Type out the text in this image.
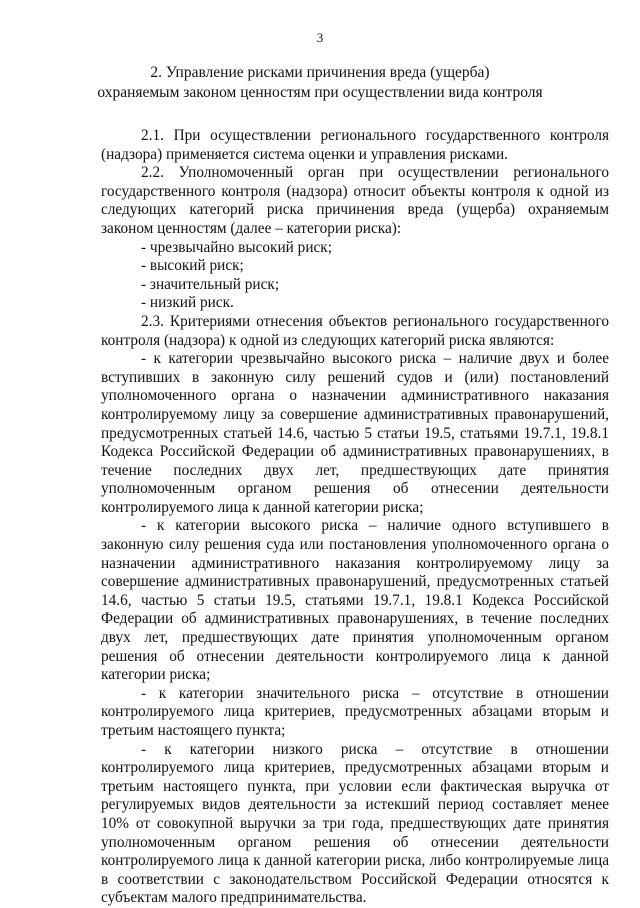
3
2. Управление рисками причинения вреда (ущерба)
охраняемым законом ценностям при осуществлении вида контроля

2.1. При осуществлении регионального государственного контроля (надзора) применяется система оценки и управления рисками.

2.2. Уполномоченный орган при осуществлении регионального государственного контроля (надзора) относит объекты контроля к одной из следующих категорий риска причинения вреда (ущерба) охраняемым законом ценностям (далее – категории риска):

- чрезвычайно высокий риск;

- высокий риск;

- значительный риск;

- низкий риск.

2.3. Критериями отнесения объектов регионального государственного контроля (надзора) к одной из следующих категорий риска являются:

- к категории чрезвычайно высокого риска – наличие двух и более вступивших в законную силу решений судов и (или) постановлений уполномоченного органа о назначении административного наказания контролируемому лицу за совершение административных правонарушений, предусмотренных статьей 14.6, частью 5 статьи 19.5, статьями 19.7.1, 19.8.1 Кодекса Российской Федерации об административных правонарушениях, в течение последних двух лет, предшествующих дате принятия уполномоченным органом решения об отнесении деятельности контролируемого лица к данной категории риска;

- к категории высокого риска – наличие одного вступившего в законную силу решения суда или постановления уполномоченного органа о назначении административного наказания контролируемому лицу за совершение административных правонарушений, предусмотренных статьей 14.6, частью 5 статьи 19.5, статьями 19.7.1, 19.8.1 Кодекса Российской Федерации об административных правонарушениях, в течение последних двух лет, предшествующих дате принятия уполномоченным органом решения об отнесении деятельности контролируемого лица к данной категории риска;

- к категории значительного риска – отсутствие в отношении контролируемого лица критериев, предусмотренных абзацами вторым и третьим настоящего пункта;

- к категории низкого риска – отсутствие в отношении контролируемого лица критериев, предусмотренных абзацами вторым и третьим настоящего пункта, при условии если фактическая выручка от регулируемых видов деятельности за истекший период составляет менее 10% от совокупной выручки за три года, предшествующих дате принятия уполномоченным органом решения об отнесении деятельности контролируемого лица к данной категории риска, либо контролируемые лица в соответствии с законодательством Российской Федерации относятся к субъектам малого предпринимательства.
